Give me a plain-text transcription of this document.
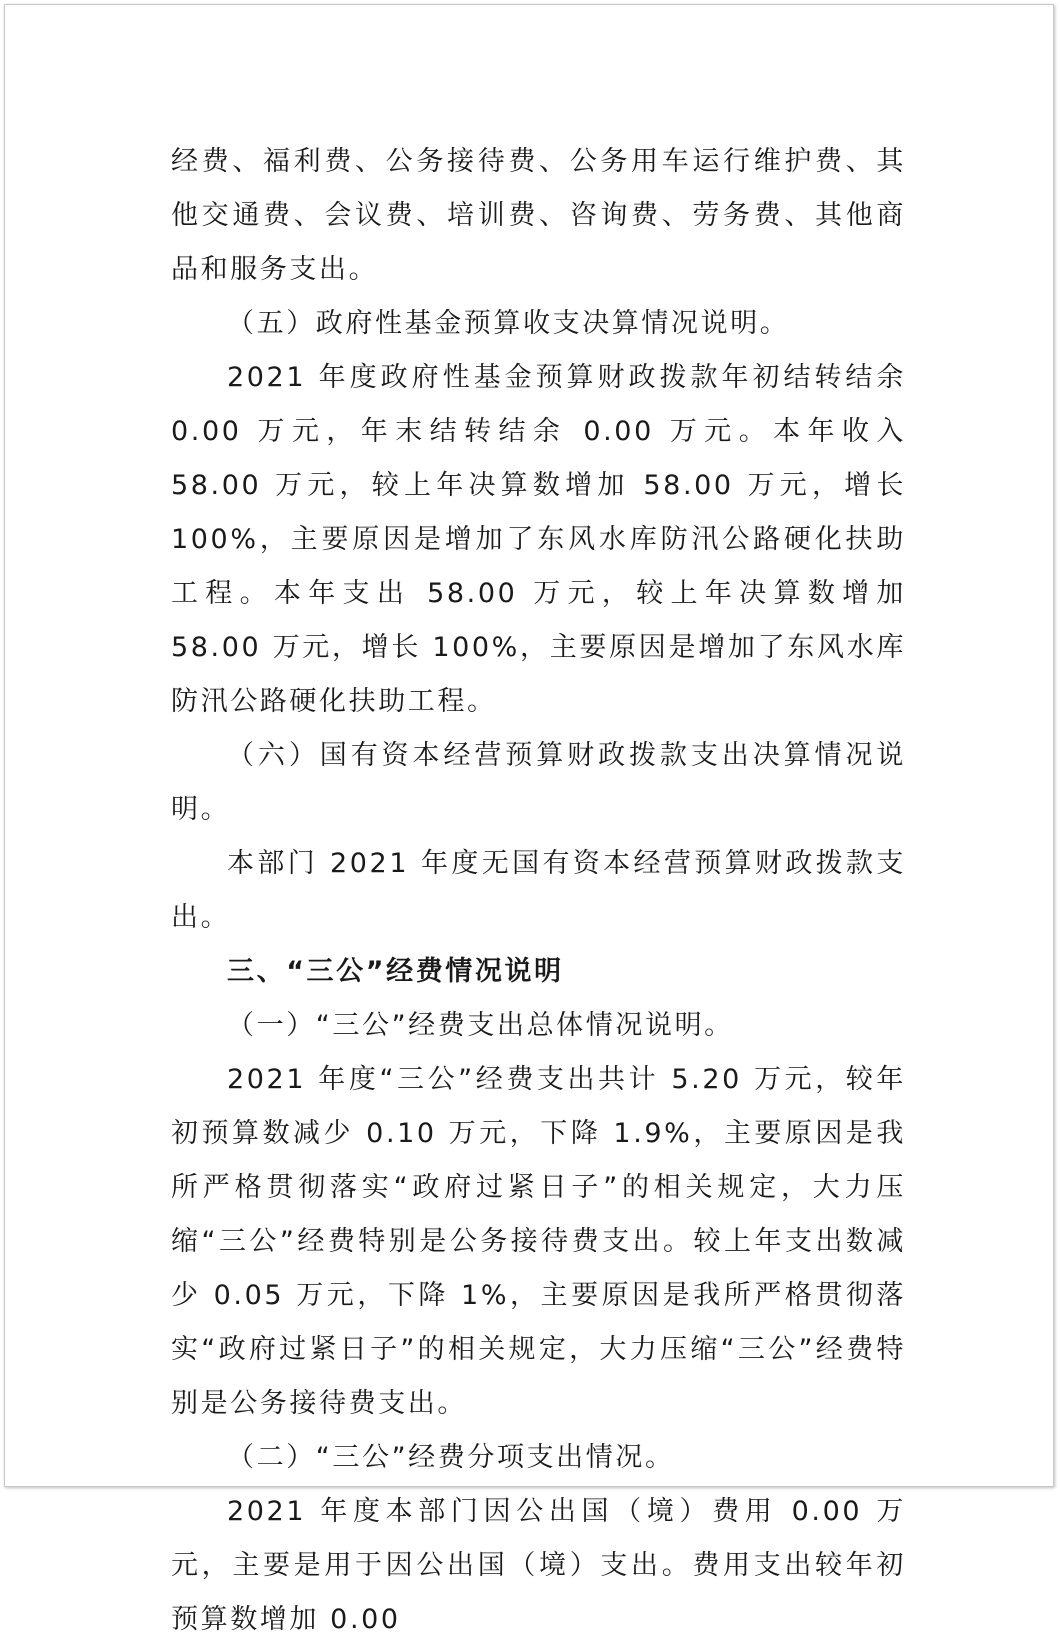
经费、福利费、公务接待费、公务用车运行维护费、其他交通费、会议费、培训费、咨询费、劳务费、其他商品和服务支出。

（五）政府性基金预算收支决算情况说明。

2021 年度政府性基金预算财政拨款年初结转结余 0.00 万元，年末结转结余 0.00 万元。本年收入 58.00 万元，较上年决算数增加 58.00 万元，增长 100%，主要原因是增加了东风水库防汛公路硬化扶助工程。本年支出 58.00 万元，较上年决算数增加 58.00 万元，增长 100%，主要原因是增加了东风水库防汛公路硬化扶助工程。

（六）国有资本经营预算财政拨款支出决算情况说明。

本部门 2021 年度无国有资本经营预算财政拨款支出。

三、“三公”经费情况说明

（一）“三公”经费支出总体情况说明。

2021 年度“三公”经费支出共计 5.20 万元，较年初预算数减少 0.10 万元，下降 1.9%，主要原因是我所严格贯彻落实“政府过紧日子”的相关规定，大力压缩“三公”经费特别是公务接待费支出。较上年支出数减少 0.05 万元，下降 1%，主要原因是我所严格贯彻落实“政府过紧日子”的相关规定，大力压缩“三公”经费特别是公务接待费支出。

（二）“三公”经费分项支出情况。

2021 年度本部门因公出国（境）费用 0.00 万元，主要是用于因公出国（境）支出。费用支出较年初预算数增加 0.00
